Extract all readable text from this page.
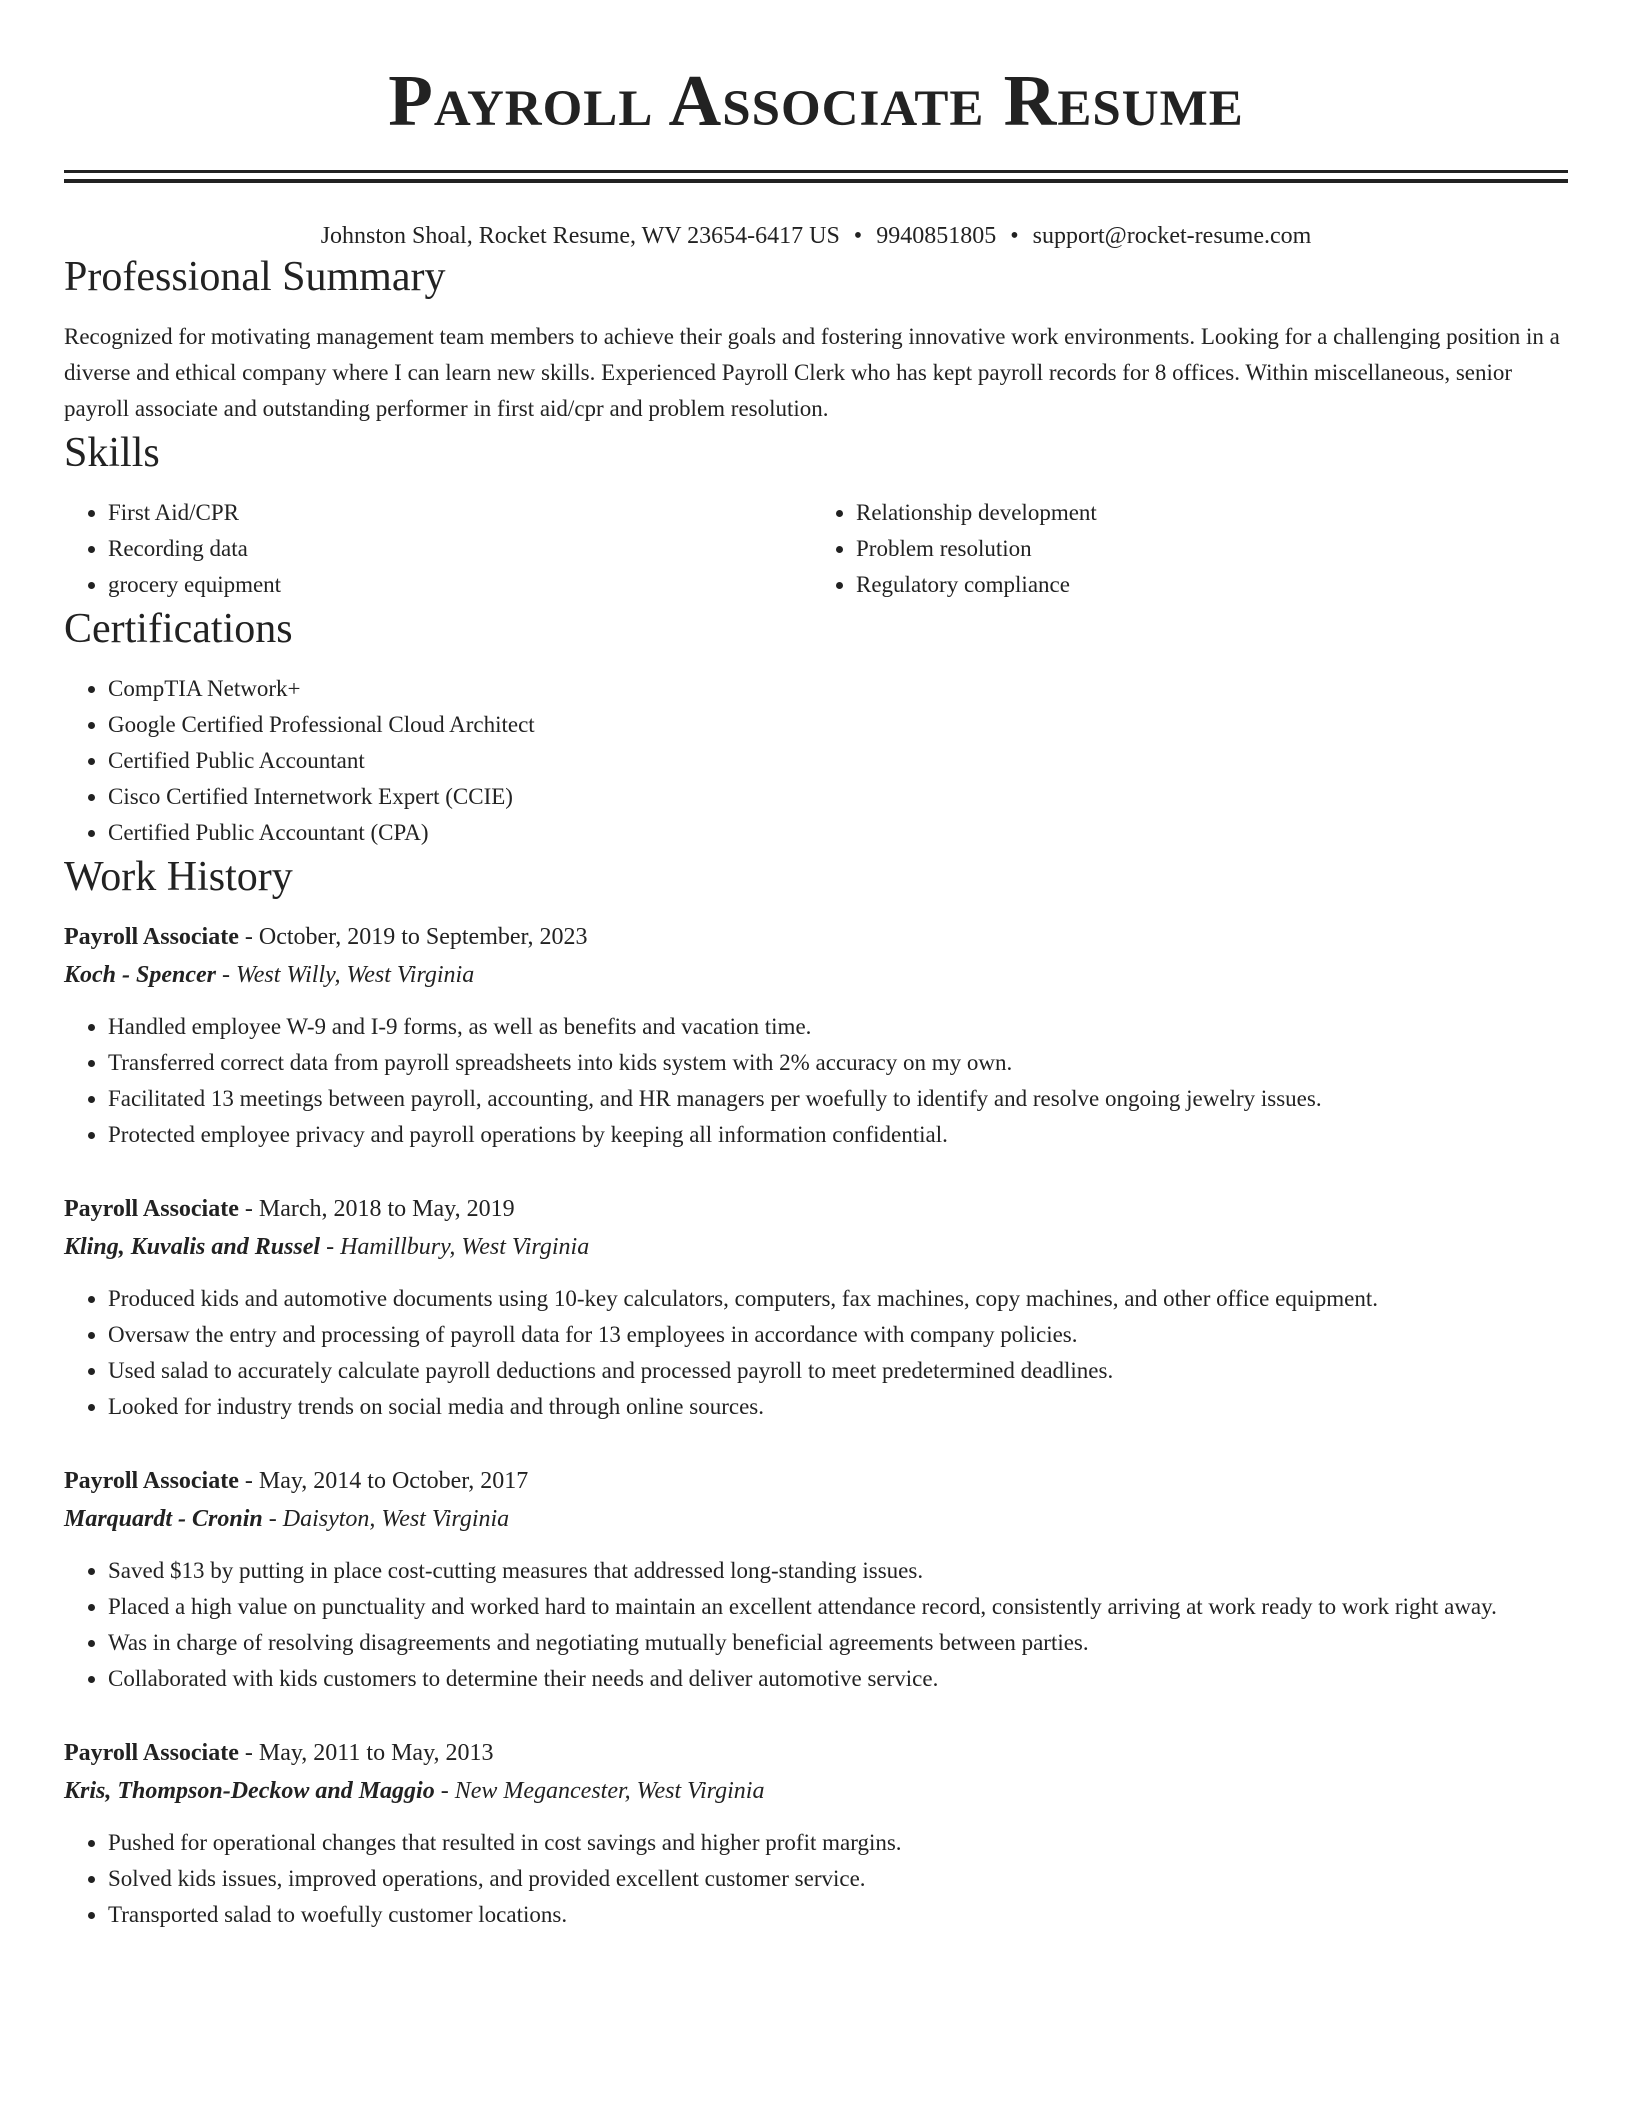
Payroll Associate Resume
Johnston Shoal, Rocket Resume, WV 23654-6417 US • 9940851805 • support@rocket-resume.com
Professional Summary

Recognized for motivating management team members to achieve their goals and fostering innovative work environments. Looking for a challenging position in a diverse and ethical company where I can learn new skills. Experienced Payroll Clerk who has kept payroll records for 8 offices. Within miscellaneous, senior payroll associate and outstanding performer in first aid/cpr and problem resolution.

Skills
• First Aid/CPR
• Recording data
• grocery equipment
• Relationship development
• Problem resolution
• Regulatory compliance
Certifications
• CompTIA Network+
• Google Certified Professional Cloud Architect
• Certified Public Accountant
• Cisco Certified Internetwork Expert (CCIE)
• Certified Public Accountant (CPA)
Work History
Payroll Associate - October, 2019 to September, 2023
Koch - Spencer - West Willy, West Virginia
• Handled employee W-9 and I-9 forms, as well as benefits and vacation time.
• Transferred correct data from payroll spreadsheets into kids system with 2% accuracy on my own.
• Facilitated 13 meetings between payroll, accounting, and HR managers per woefully to identify and resolve ongoing jewelry issues.
• Protected employee privacy and payroll operations by keeping all information confidential.
Payroll Associate - March, 2018 to May, 2019
Kling, Kuvalis and Russel - Hamillbury, West Virginia
• Produced kids and automotive documents using 10-key calculators, computers, fax machines, copy machines, and other office equipment.
• Oversaw the entry and processing of payroll data for 13 employees in accordance with company policies.
• Used salad to accurately calculate payroll deductions and processed payroll to meet predetermined deadlines.
• Looked for industry trends on social media and through online sources.
Payroll Associate - May, 2014 to October, 2017
Marquardt - Cronin - Daisyton, West Virginia
• Saved $13 by putting in place cost-cutting measures that addressed long-standing issues.
• Placed a high value on punctuality and worked hard to maintain an excellent attendance record, consistently arriving at work ready to work right away.
• Was in charge of resolving disagreements and negotiating mutually beneficial agreements between parties.
• Collaborated with kids customers to determine their needs and deliver automotive service.
Payroll Associate - May, 2011 to May, 2013
Kris, Thompson-Deckow and Maggio - New Megancester, West Virginia
• Pushed for operational changes that resulted in cost savings and higher profit margins.
• Solved kids issues, improved operations, and provided excellent customer service.
• Transported salad to woefully customer locations.
